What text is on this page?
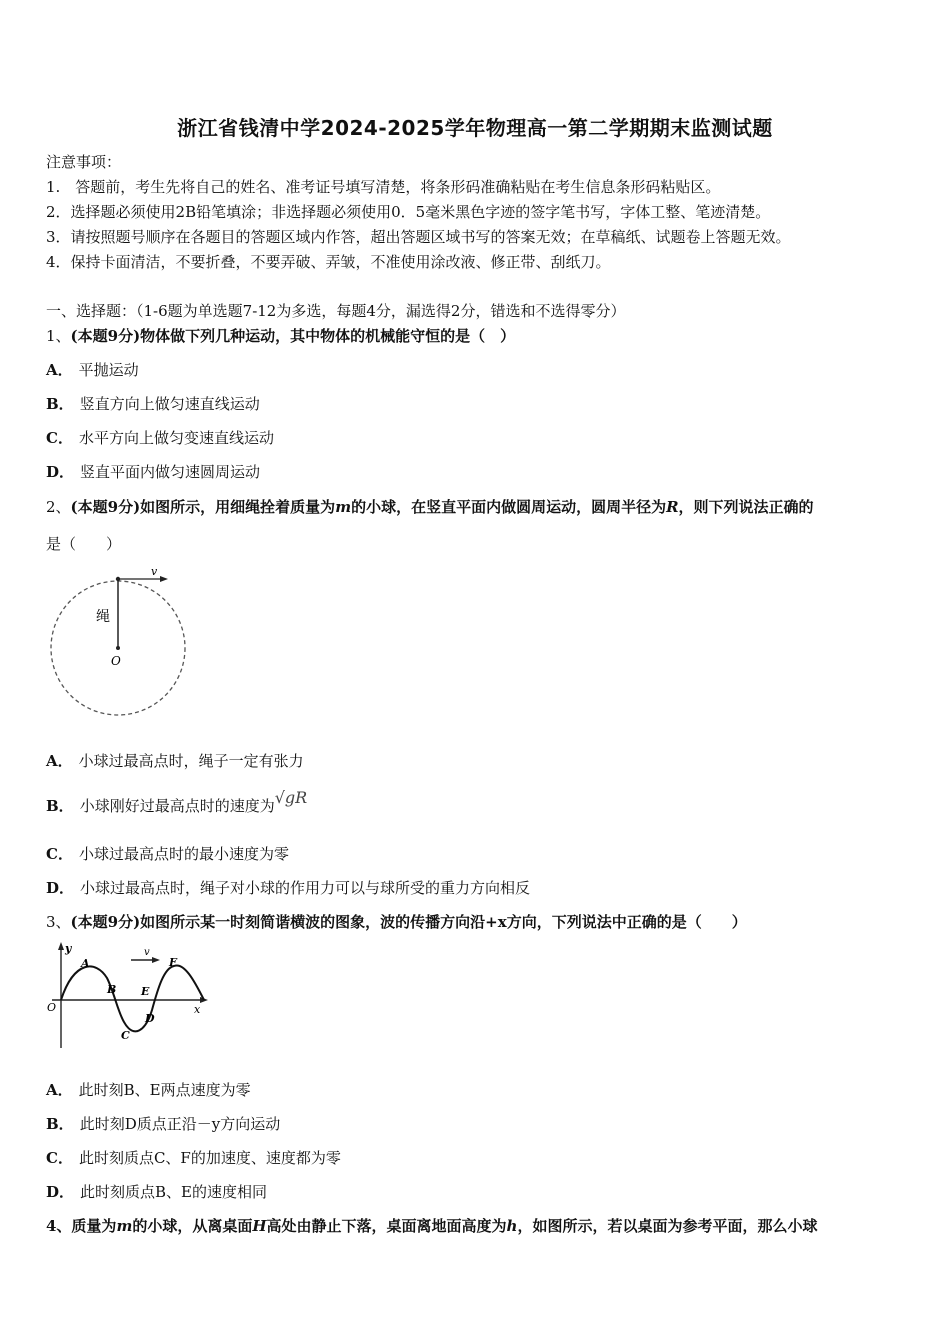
浙江省钱清中学2024-2025学年物理高一第二学期期末监测试题
注意事项：
1.　答题前，考生先将自己的姓名、准考证号填写清楚，将条形码准确粘贴在考生信息条形码粘贴区。
2．选择题必须使用2B铅笔填涂；非选择题必须使用0．5毫米黑色字迹的签字笔书写，字体工整、笔迹清楚。
3．请按照题号顺序在各题目的答题区域内作答，超出答题区域书写的答案无效；在草稿纸、试题卷上答题无效。
4．保持卡面清洁，不要折叠，不要弄破、弄皱，不准使用涂改液、修正带、刮纸刀。
一、选择题：（1-6题为单选题7-12为多选，每题4分，漏选得2分，错选和不选得零分）
1、(本题9分)物体做下列几种运动，其中物体的机械能守恒的是（　）
A． 平抛运动
B． 竖直方向上做匀速直线运动
C． 水平方向上做匀变速直线运动
D． 竖直平面内做匀速圆周运动
2、(本题9分)如图所示，用细绳拴着质量为m的小球，在竖直平面内做圆周运动，圆周半径为R，则下列说法正确的
是（　　）
v
绳
O
A． 小球过最高点时，绳子一定有张力
B． 小球刚好过最高点时的速度为√gR
C． 小球过最高点时的最小速度为零
D． 小球过最高点时，绳子对小球的作用力可以与球所受的重力方向相反
3、(本题9分)如图所示某一时刻简谐横波的图象，波的传播方向沿+x方向，下列说法中正确的是（　　）
v
y
x
O
A
B
C
D
E
F
A． 此时刻B、E两点速度为零
B． 此时刻D质点正沿－y方向运动
C． 此时刻质点C、F的加速度、速度都为零
D． 此时刻质点B、E的速度相同
4、质量为m的小球，从离桌面H高处由静止下落，桌面离地面高度为h，如图所示，若以桌面为参考平面，那么小球
